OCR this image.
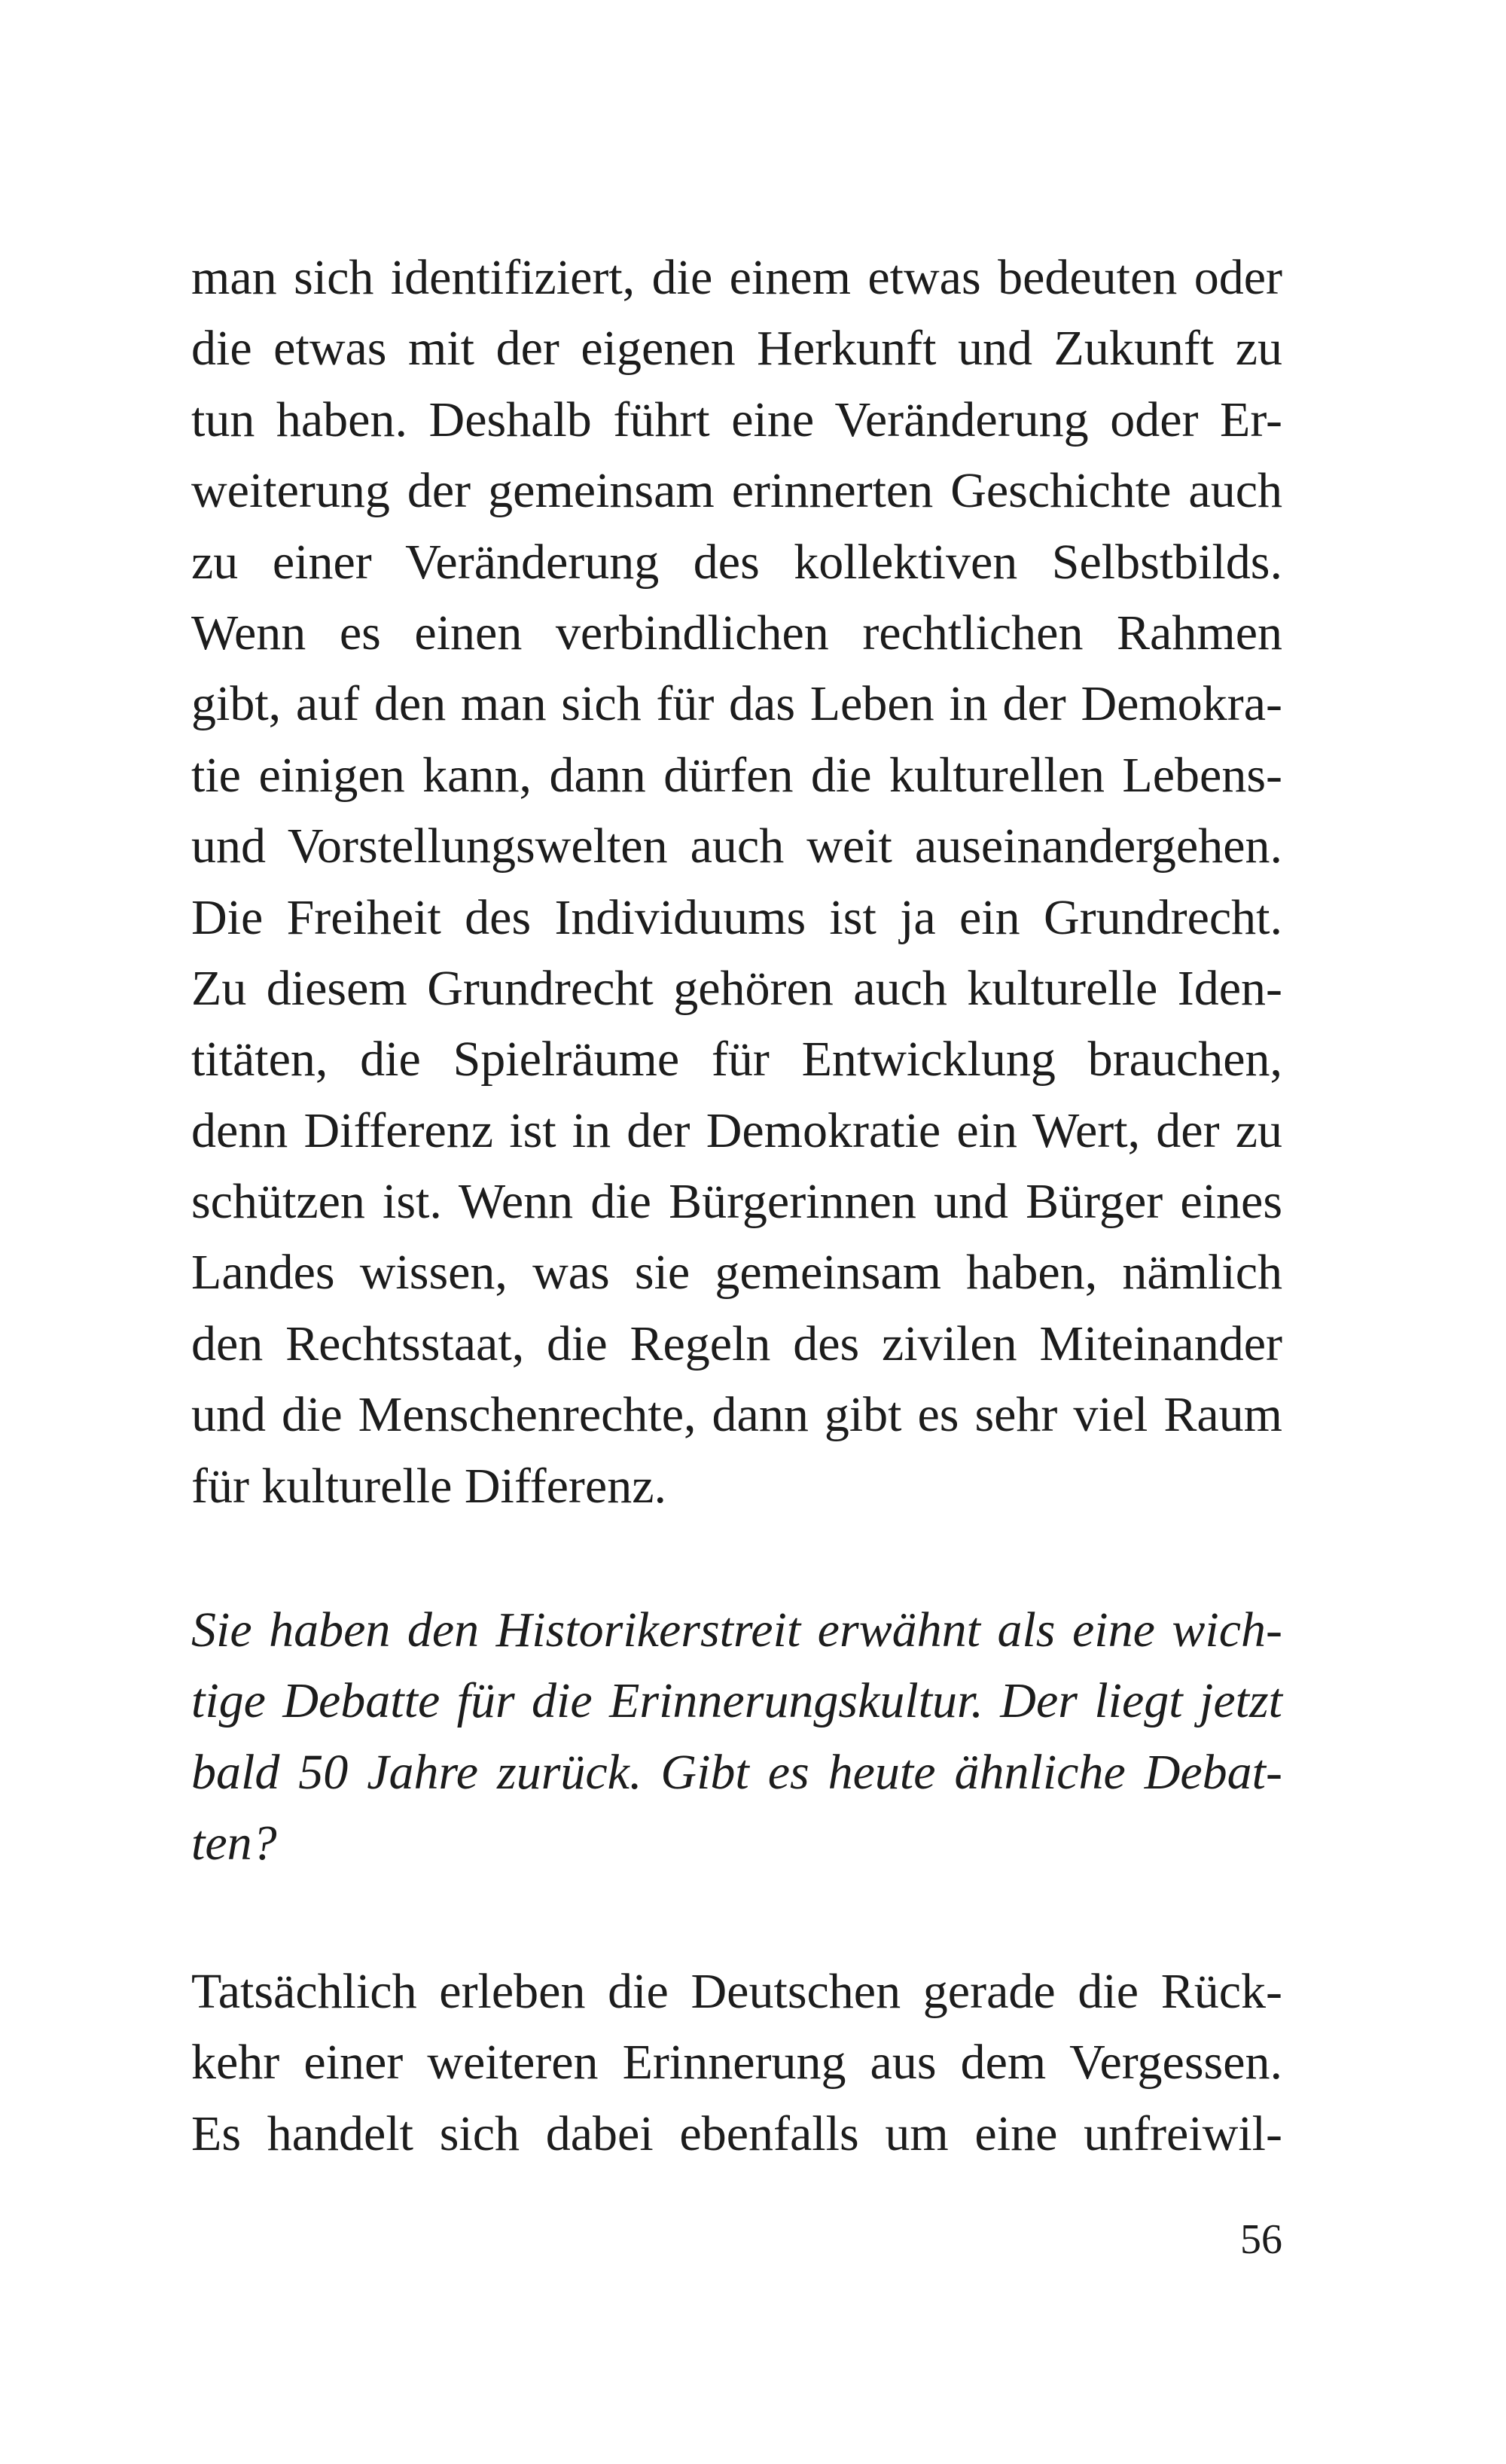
man sich identifiziert, die einem etwas bedeuten oder
die etwas mit der eigenen Herkunft und Zukunft zu
tun haben. Deshalb führt eine Veränderung oder Er-
weiterung der gemeinsam erinnerten Geschichte auch
zu einer Veränderung des kollektiven Selbstbilds.
Wenn es einen verbindlichen rechtlichen Rahmen
gibt, auf den man sich für das Leben in der Demokra-
tie einigen kann, dann dürfen die kulturellen Lebens-
und Vorstellungswelten auch weit auseinandergehen.
Die Freiheit des Individuums ist ja ein Grundrecht.
Zu diesem Grundrecht gehören auch kulturelle Iden-
titäten, die Spielräume für Entwicklung brauchen,
denn Differenz ist in der Demokratie ein Wert, der zu
schützen ist. Wenn die Bürgerinnen und Bürger eines
Landes wissen, was sie gemeinsam haben, nämlich
den Rechtsstaat, die Regeln des zivilen Miteinander
und die Menschenrechte, dann gibt es sehr viel Raum
für kulturelle Differenz.
Sie haben den Historikerstreit erwähnt als eine wich-
tige Debatte für die Erinnerungskultur. Der liegt jetzt
bald 50 Jahre zurück. Gibt es heute ähnliche Debat-
ten?
Tatsächlich erleben die Deutschen gerade die Rück-
kehr einer weiteren Erinnerung aus dem Vergessen.
Es handelt sich dabei ebenfalls um eine unfreiwil-
56
